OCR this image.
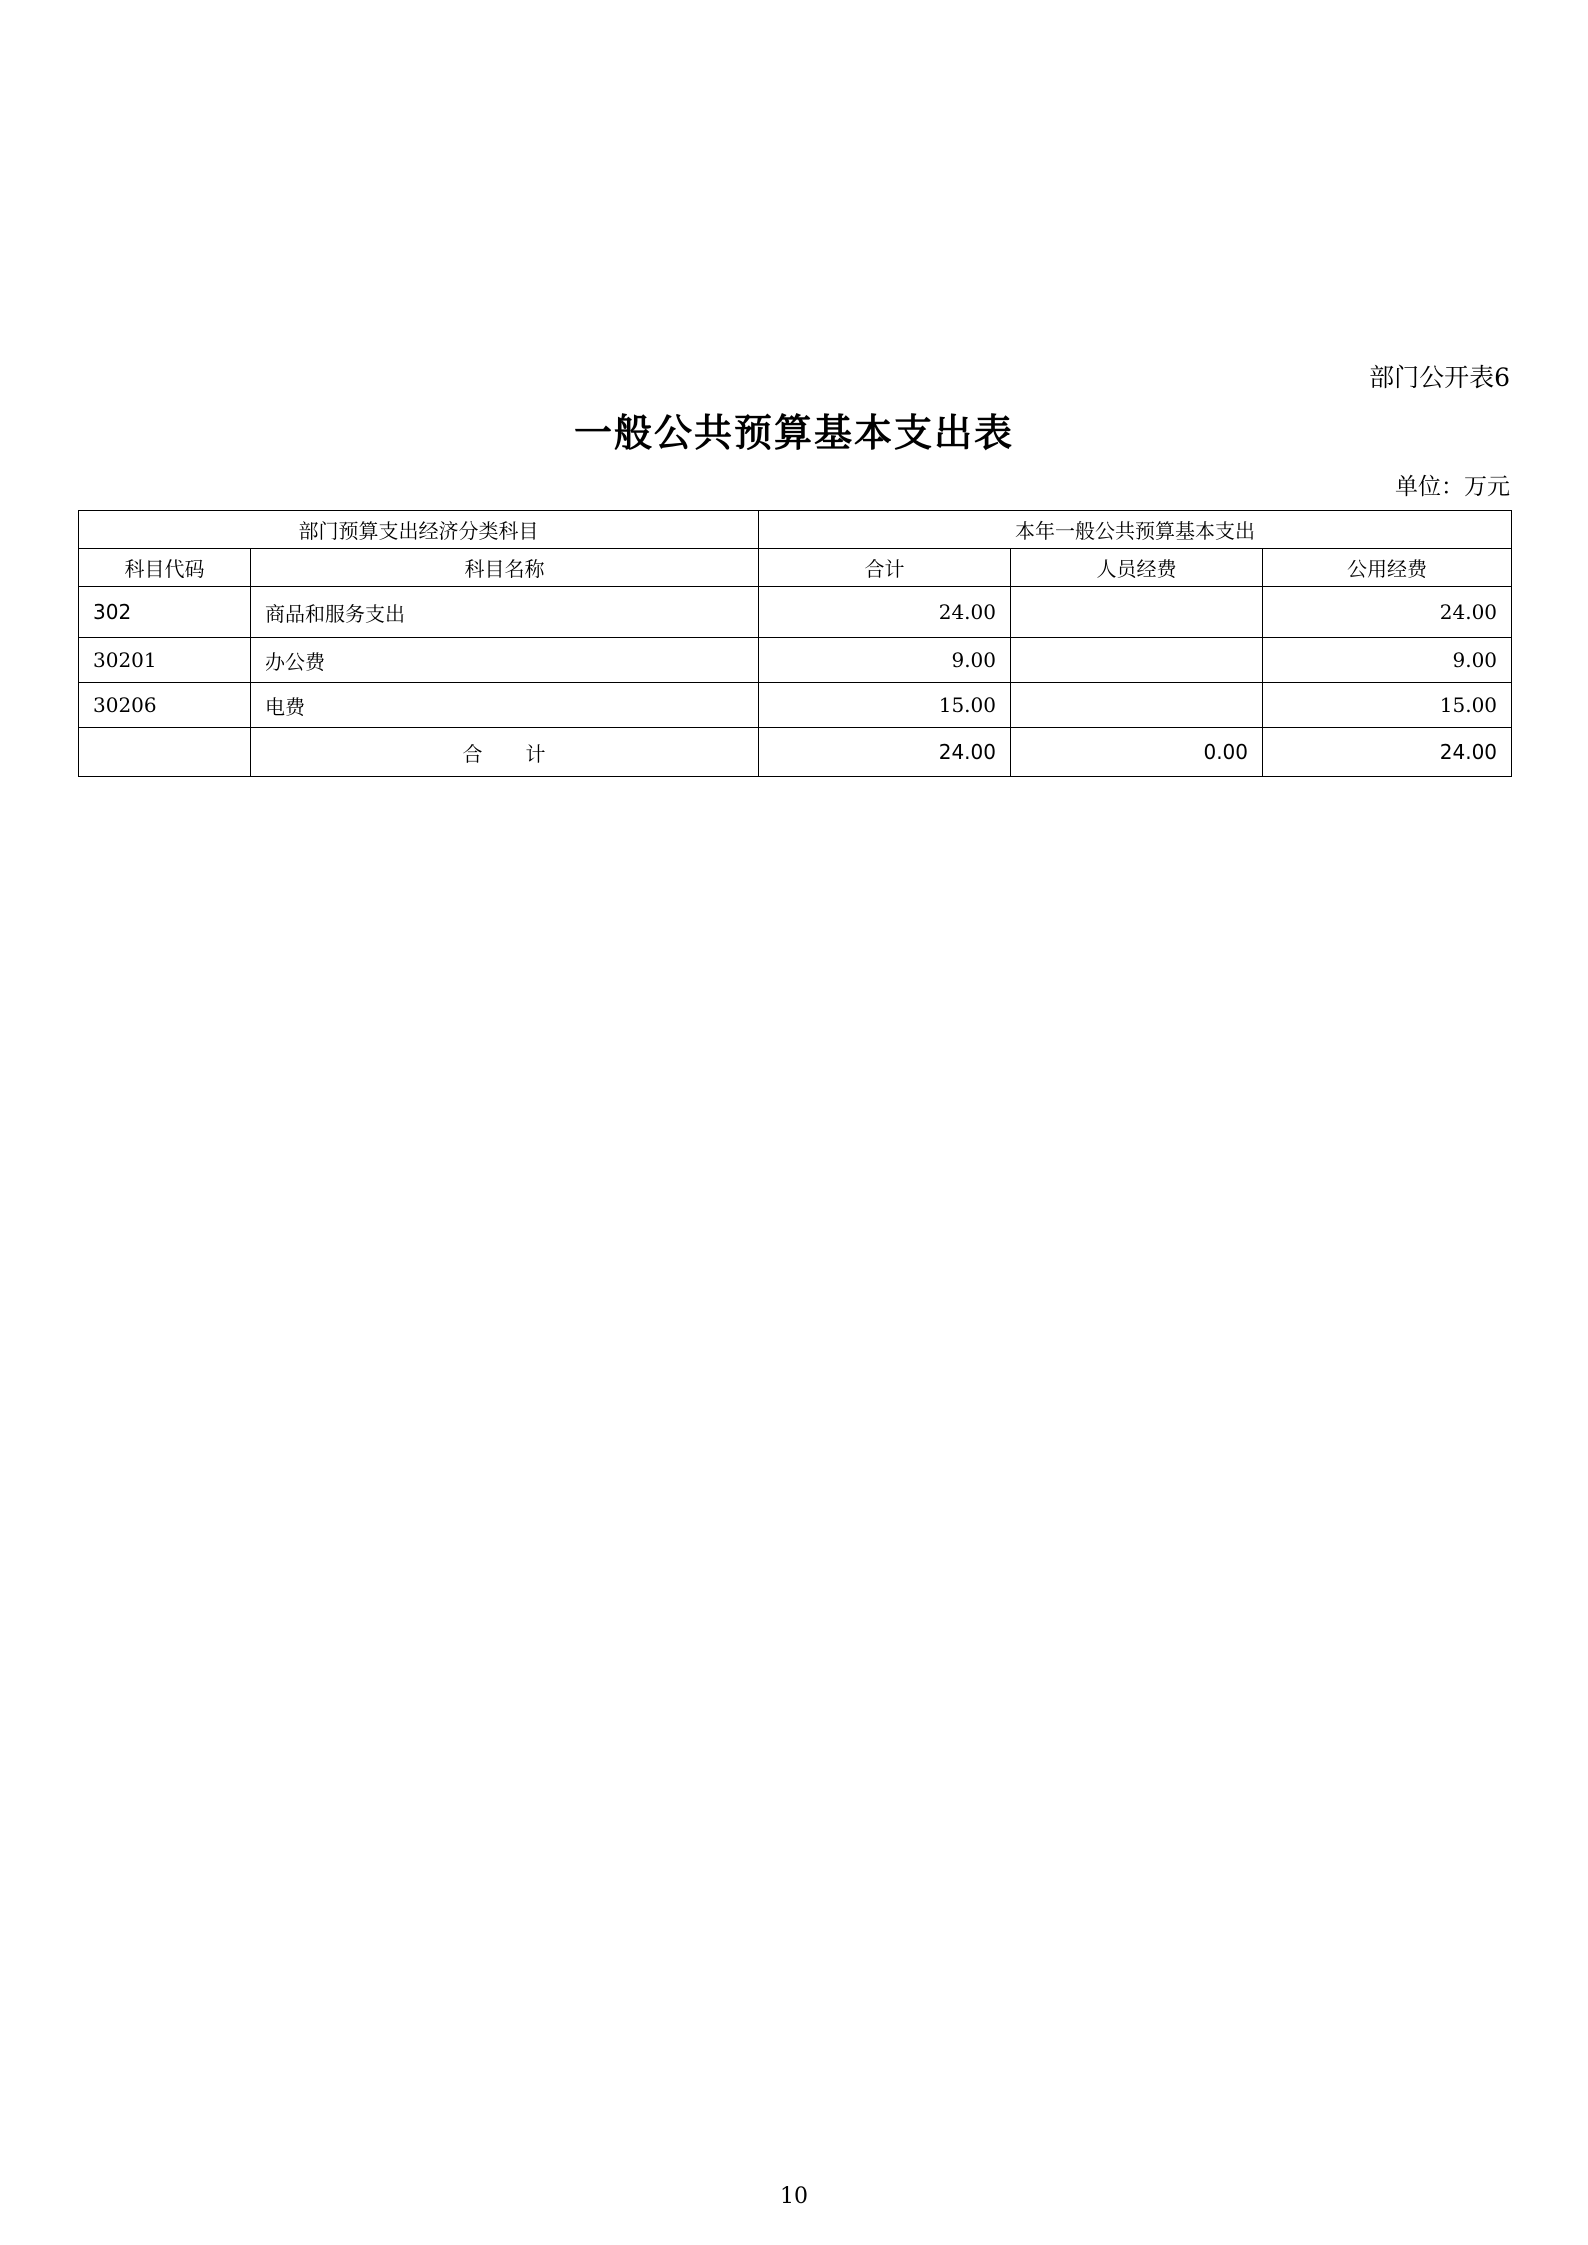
部门公开表6
一般公共预算基本支出表
单位：万元
部门预算支出经济分类科目		本年一般公共预算基本支出		
科目代码	科目名称	合计	人员经费	公用经费
302	商品和服务支出	24.00		24.00
30201	办公费	9.00		9.00
30206	电费	15.00		15.00
	合　　计	24.00	0.00	24.00
10
